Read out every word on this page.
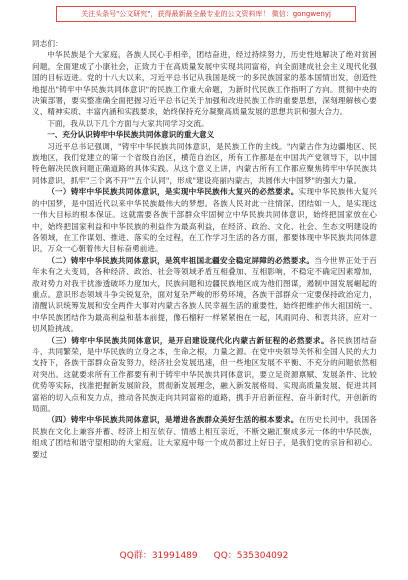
关注头条号"公文研究"，获得最新最全最专业的公文资料库！ 微信：gongwenyj

同志们：

中华民族是个大家庭，各族人民心手相牵，团结奋进，经过持续努力，历史性地解决了绝对贫困问题，全面建成了小康社会，正致力于在高质量发展中实现共同富裕，向全面建成社会主义现代化强国的目标迈进。党的十八大以来，习近平总书记从我国是统一的多民族国家的基本国情出发，创造性地提出"铸牢中华民族共同体意识"的民族工作重大命题，为新时代民族工作指明了方向。贯彻中央的决策部署，要实整准确全面把握习近平总书记关于加强和改进民族工作的重要思想，深刻理解核心要义、精神实质、丰富内涵和实践要求，始终保持充分凝聚高质量发展的思想共识和强大合力。

下面，我从以下几个方面与大家共同学习交流。

一、充分认识铸牢中华民族共同体意识的重大意义

习近平总书记强调，"铸牢中华民族共同体意识，是民族工作的主线。"内蒙古作为边疆地区、民族地区，我们党建立的第一个省级自治区，横范自治区，所有工作都是在中国共产党领导下，以中国特色解决民族问题正确道路的具体实践。从这个意义上讲，内蒙古所有工作都应聚焦铸牢中华民族共同体意识，抓牢"三个离不开""五个认同"，形成"建设亮丽内蒙古，共圆伟大中国梦"的强大力量。

（一）铸牢中华民族共同体意识，是实现中华民族伟大复兴的必然要求。实现中华民族伟大复兴的中国梦，是中国近代以来中华民族最伟大的梦想。各族人民对此一往情深、团结如一人，是实现这一伟大目标的根本保证。这就需要各族干部群众牢固树立中华民族共同体意识，始终把国家放在心中，始终把国家利益和中华民族的利益作为最高利益，在经济、政治、文化、社会、生态文明建设的各领域，在工作谋划、推进、落实的全过程，在工作学习生活的各方面，都要体现中华民族共同体意识，万众一心朝着伟大目标奋勇前进。

（二）铸牢中华民族共同体意识，是筑牢祖国北疆安全稳定屏障的必然要求。当今世界正处于百年未有之大变局，各种经济、政治、社会等领域矛盾互相叠加、互相影响，不稳定不确定因素增加，敌对势力对我干扰渗透破坏力度加大，民族问题和边疆民族地区成为他们图谋，遏制中国发展崛起的重点。意识形态领域斗争尖锐复杂，面对复杂严峻的形势环境，各族干部群众一定要保持政治定力，清醒认识统筹发展和安全两件大事对内蒙古各族人民幸福生活的重要性，始终把维护伟大祖国统一、中华民族团结作为最高利益和基本前提，像石榴籽一样紧紧抱在一起，风雨同舟、和衷共济，应对一切风险挑战。

（三）铸牢中华民族共同体意识，是开启建设现代化内蒙古新征程的必然要求。各民族团结奋斗、共同繁荣，是中华民族的立身之本，生命之根，力量之源。在党中央领导关怀和全国人民的大力支持下，各族干部群众奋发努力，经济社会发展迅速，但一些地区发展不平衡、不充分的问题依然相对突出。这就要求所有工作都要有利于铸牢中华民族共同体意识，要立足资源禀赋、发展条件、比较优势等实际，找准把握新发展阶段，贯彻新发展理念，融入新发展格局、实现高质量发展、促进共同富裕的切入点和发力点，推动各民族走向共同富裕的道路，携手开启新征程、奋斗新时代，开创新的局面。

（四）铸牢中华民族共同体意识，是增进各族群众美好生活的根本要求。在历史长河中，我国各民族在文化上兼容并蓄、经济上相互依存、情感上相互亲近，不断交融汇聚成多元一体的中华民族，组成了团结和谐守望相助的大家庭。让大家庭中每一个成员都过上好日子，是我们党的宗旨和初心。要过

QQ群：31991489 QQ：535304092
